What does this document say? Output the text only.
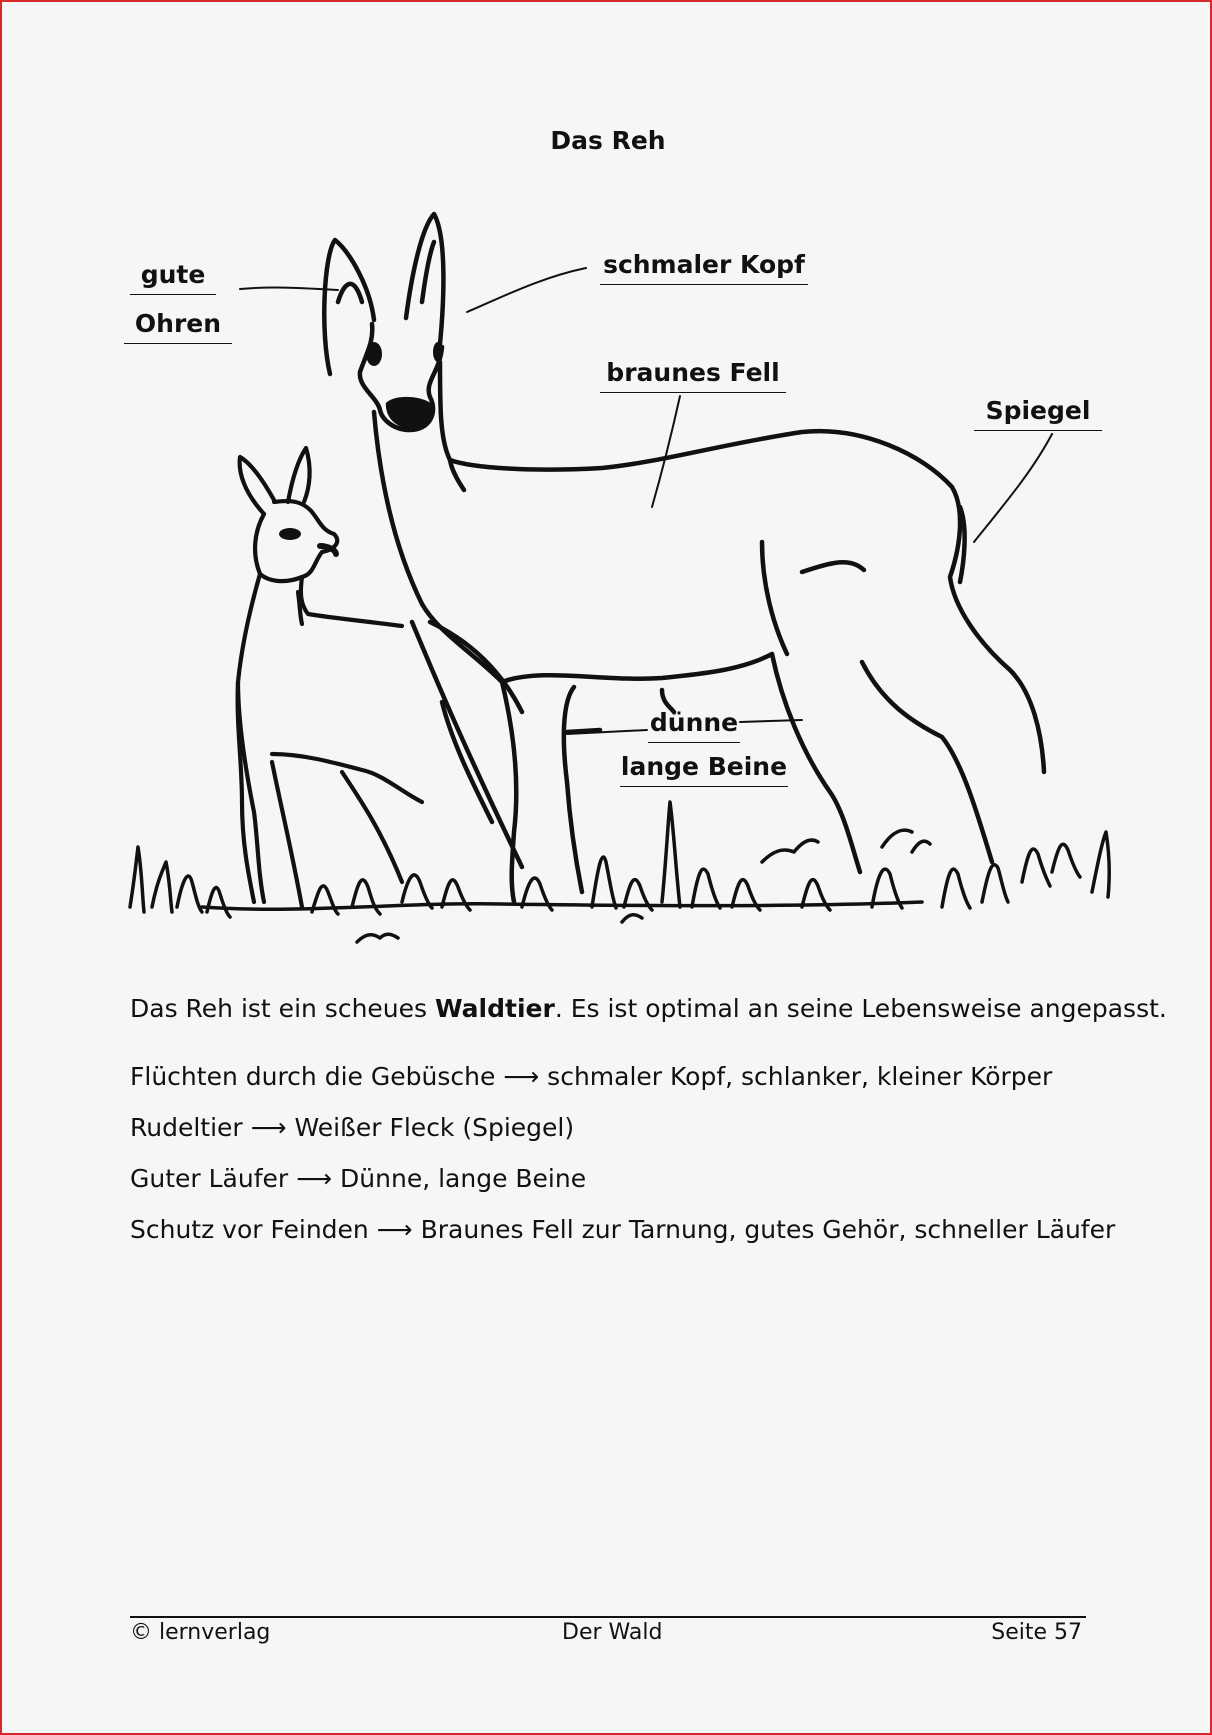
Das Reh
gute
Ohren
schmaler Kopf
braunes Fell
Spiegel
dünne
lange Beine
Das Reh ist ein scheues Waldtier. Es ist optimal an seine Lebensweise angepasst.
Flüchten durch die Gebüsche ⟶ schmaler Kopf, schlanker, kleiner Körper
Rudeltier ⟶ Weißer Fleck (Spiegel)
Guter Läufer ⟶ Dünne, lange Beine
Schutz vor Feinden ⟶ Braunes Fell zur Tarnung, gutes Gehör, schneller Läufer
© lernverlag	Der Wald	Seite 57
